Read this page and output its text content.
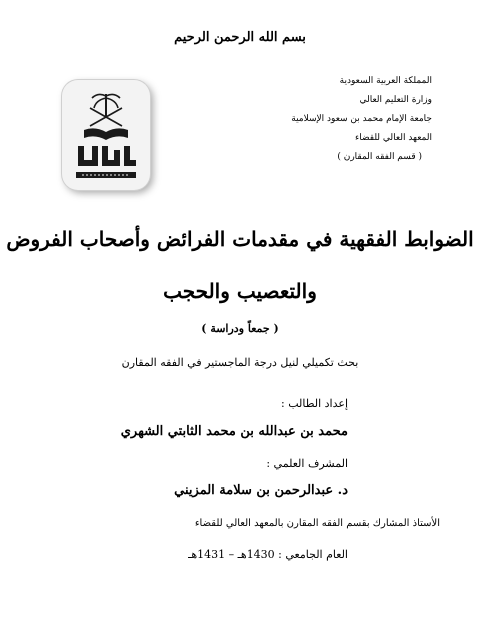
بسم الله الرحمن الرحيم
المملكة العربية السعودية
وزارة التعليم العالي
جامعة الإمام محمد بن سعود الإسلامية
المعهد العالي للقضاء
( قسم الفقه المقارن )
الضوابط الفقهية في مقدمات الفرائض وأصحاب الفروض
والتعصيب والحجب
( جمعاً ودراسة )
بحث تكميلي لنيل درجة الماجستير في الفقه المقارن
إعداد الطالب :
محمد بن عبدالله بن محمد الثابتي الشهري
المشرف العلمي :
د. عبدالرحمن بن سلامة المزيني
الأستاذ المشارك بقسم الفقه المقارن بالمعهد العالي للقضاء
العام الجامعي : 1430هـ – 1431هـ
